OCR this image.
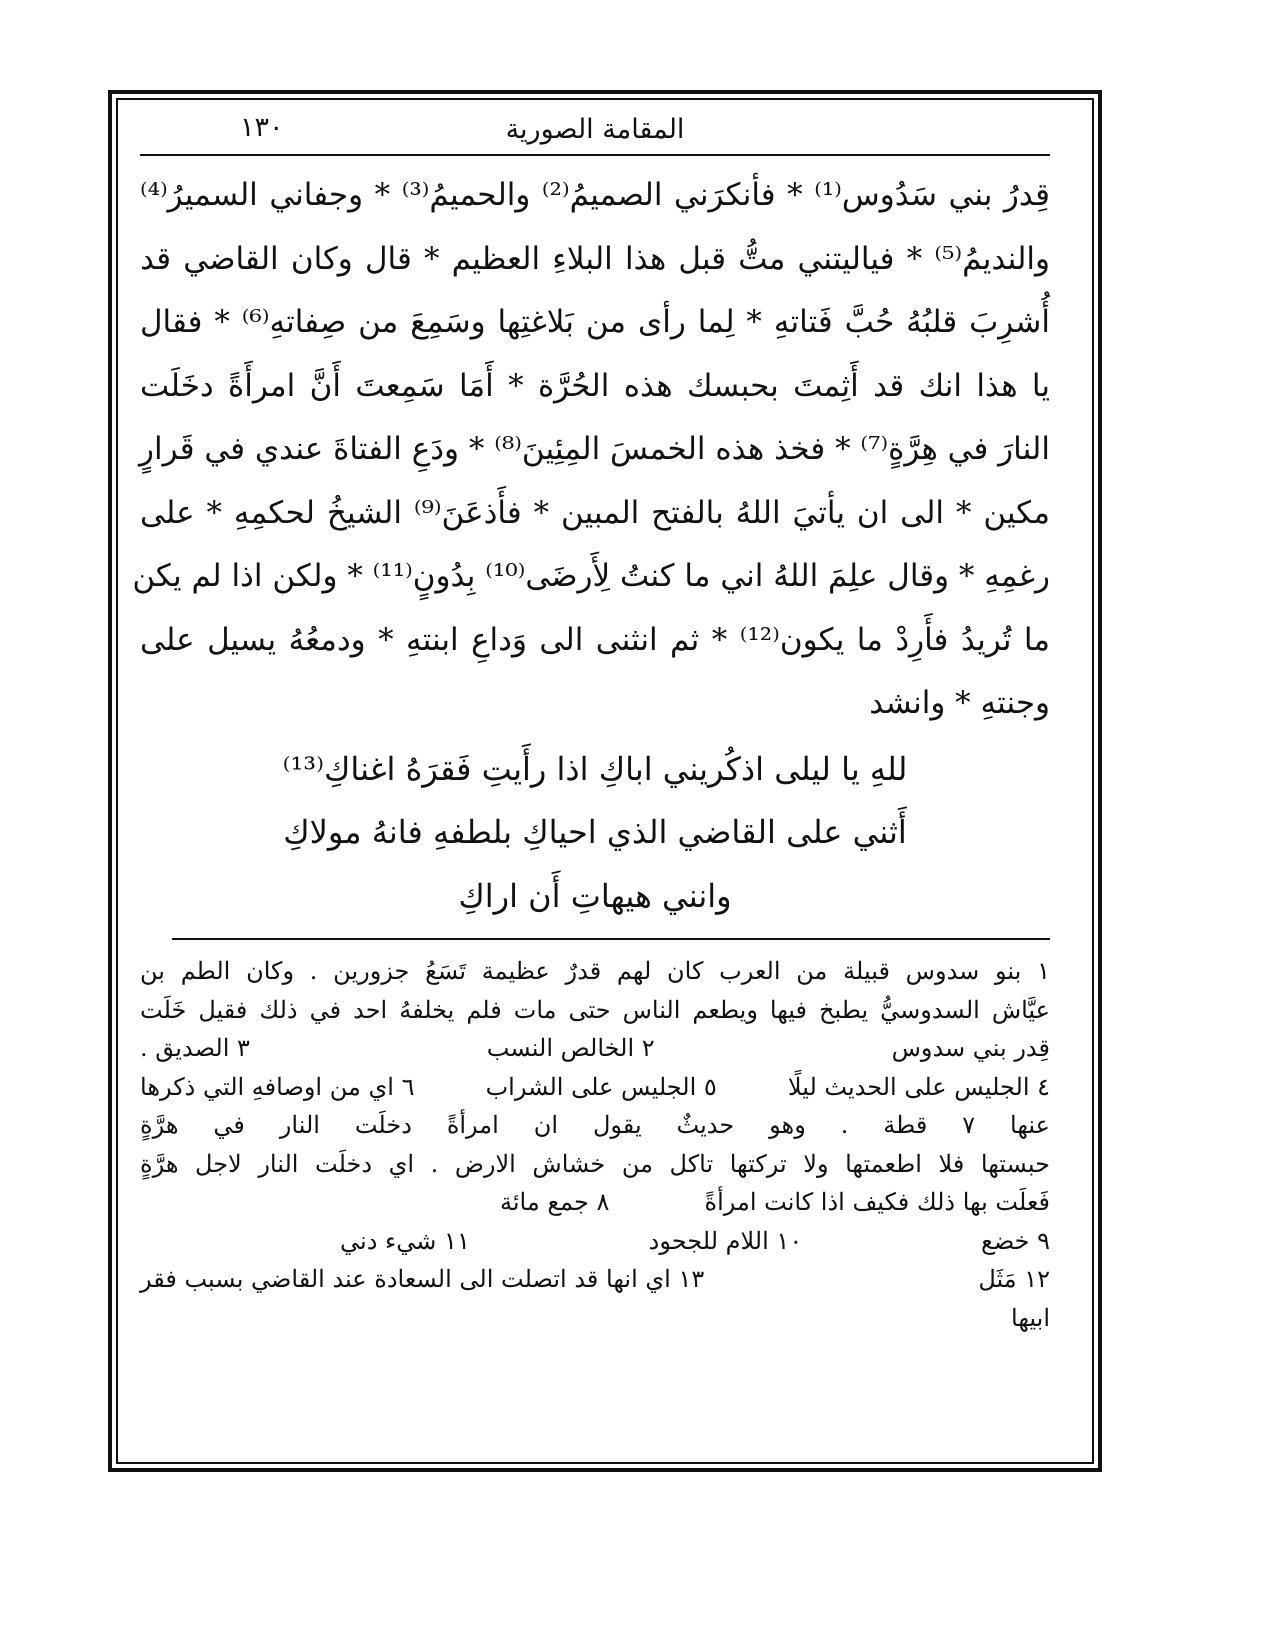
المقامة الصورية
١٣٠
قِدرُ بني سَدُوس⁽¹⁾ * فأنكرَني الصميمُ⁽²⁾ والحميمُ⁽³⁾ * وجفاني السميرُ⁽⁴⁾
والنديمُ⁽⁵⁾ * فياليتني متُّ قبل هذا البلاءِ العظيم * قال وكان القاضي قد
أُشرِبَ قلبُهُ حُبَّ فَتاتهِ * لِما رأى من بَلاغتِها وسَمِعَ من صِفاتهِ⁽⁶⁾ * فقال
يا هذا انك قد أَثِمتَ بحبسك هذه الحُرَّة * أَمَا سَمِعتَ أَنَّ امرأَةً دخَلَت
النارَ في هِرَّةٍ⁽⁷⁾ * فخذ هذه الخمسَ المِئِينَ⁽⁸⁾ * ودَعِ الفتاةَ عندي في قَرارٍ
مكين * الى ان يأتيَ اللهُ بالفتح المبين * فأَذعَنَ⁽⁹⁾ الشيخُ لحكمِهِ * على
رغمِهِ * وقال علِمَ اللهُ اني ما كنتُ لِأَرضَى⁽¹⁰⁾ بِدُونٍ⁽¹¹⁾ * ولكن اذا لم يكن
ما تُريدُ فأَرِدْ ما يكون⁽¹²⁾ * ثم انثنى الى وَداعِ ابنتهِ * ودمعُهُ يسيل على
وجنتهِ * وانشد
للهِ يا ليلى اذكُريني اباكِ اذا رأَيتِ فَقرَهُ اغناكِ⁽¹³⁾
أَثني على القاضي الذي احياكِ بلطفهِ فانهُ مولاكِ
وانني هيهاتِ أَن اراكِ
١ بنو سدوس قبيلة من العرب كان لهم قدرٌ عظيمة تَسَعُ جزورين . وكان الطم بن
عيَّاش السدوسيُّ يطبخ فيها ويطعم الناس حتى مات فلم يخلفهُ احد في ذلك فقيل خَلَت
قِدر بني سدوس
٢ الخالص النسب
٣ الصديق .
٤ الجليس على الحديث ليلًا
٥ الجليس على الشراب
٦ اي من اوصافهِ التي ذكرها
عنها ٧ قطة . وهو حديثٌ يقول ان امرأةً دخلَت النار في هرَّةٍ
حبستها فلا اطعمتها ولا تركتها تاكل من خشاش الارض . اي دخلَت النار لاجل هرَّةٍ
فَعلَت بها ذلك فكيف اذا كانت امرأةً
٨ جمع مائة
٩ خضع
١٠ اللام للجحود
١١ شيء دني
١٢ مَثَل
١٣ اي انها قد اتصلت الى السعادة عند القاضي بسبب فقر
ابيها
